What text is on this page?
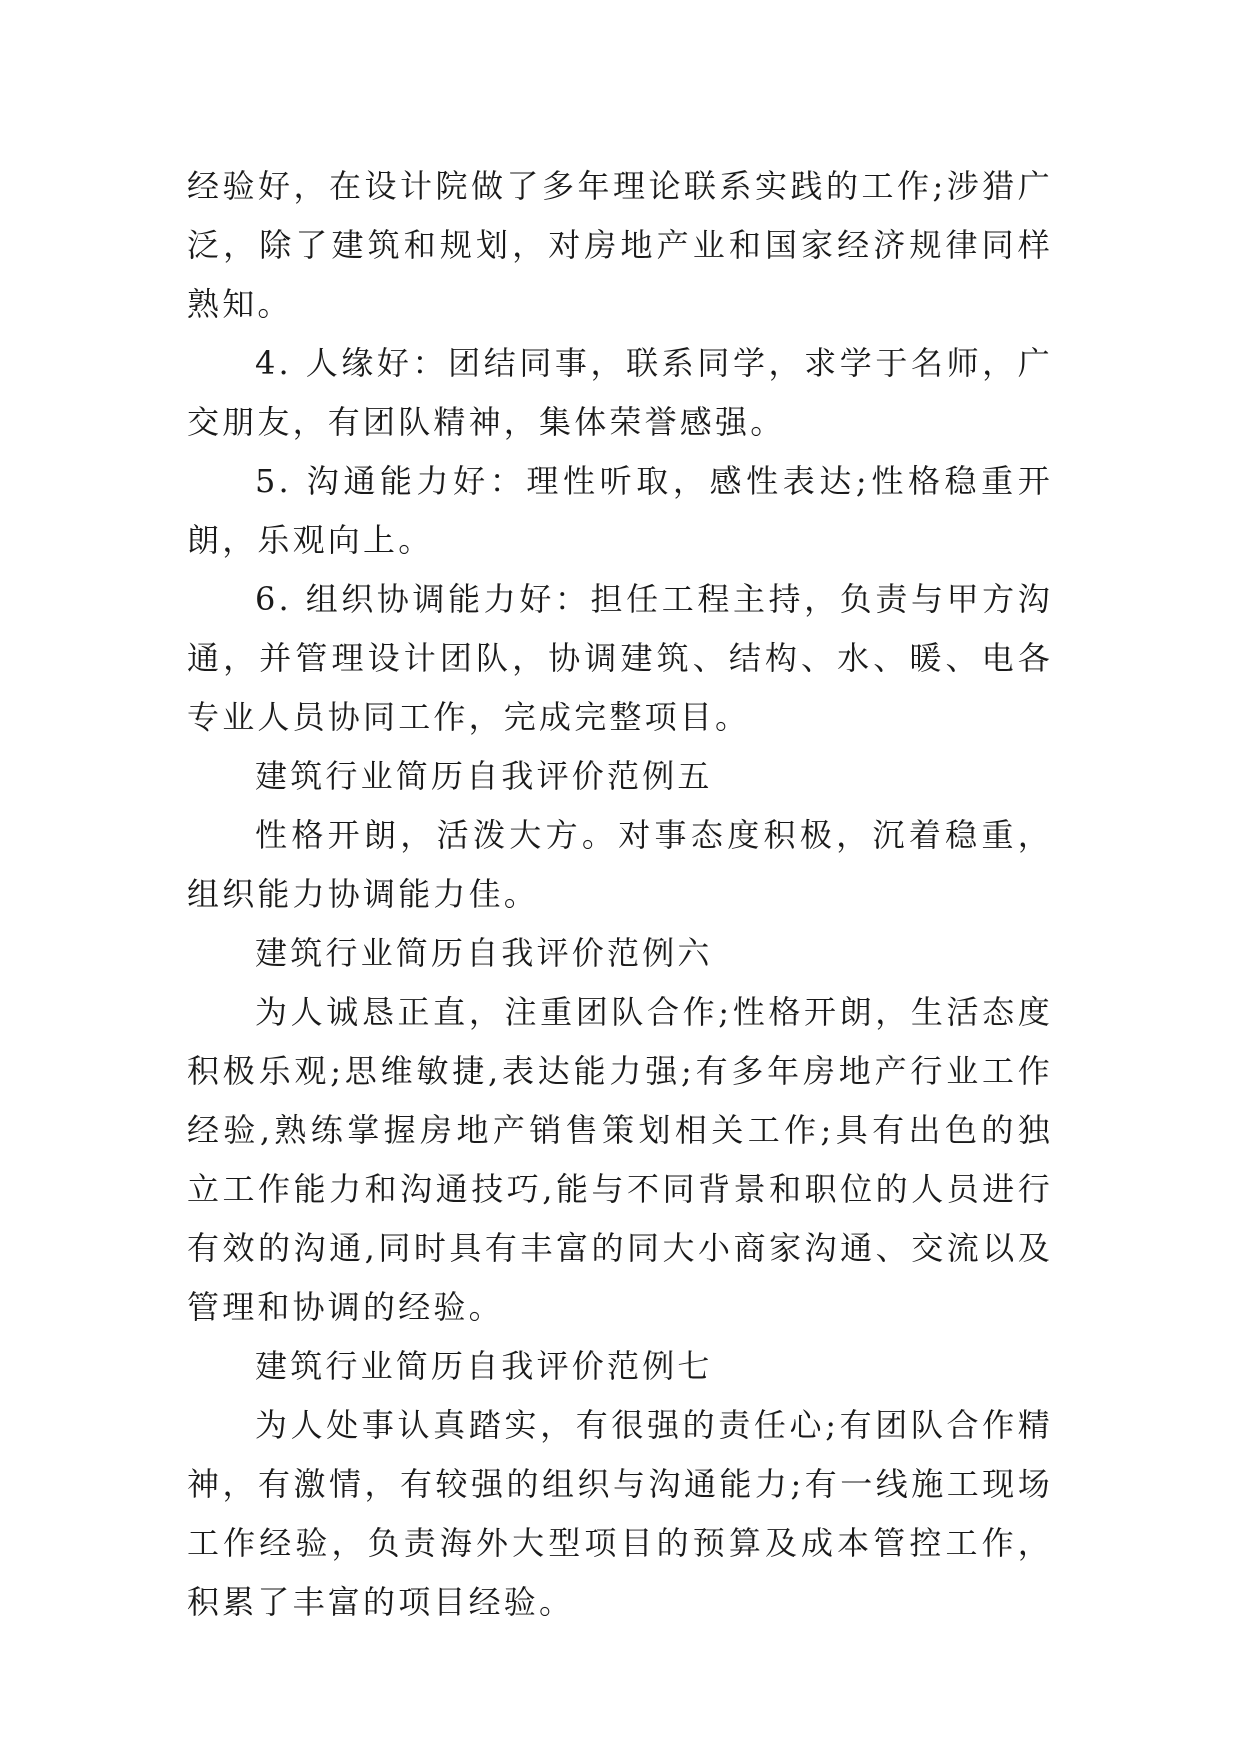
经验好，在设计院做了多年理论联系实践的工作;涉猎广泛，除了建筑和规划，对房地产业和国家经济规律同样熟知。

4. 人缘好：团结同事，联系同学，求学于名师，广交朋友，有团队精神，集体荣誉感强。

5. 沟通能力好：理性听取，感性表达;性格稳重开朗，乐观向上。

6. 组织协调能力好：担任工程主持，负责与甲方沟通，并管理设计团队，协调建筑、结构、水、暖、电各专业人员协同工作，完成完整项目。

建筑行业简历自我评价范例五

性格开朗，活泼大方。对事态度积极，沉着稳重， 组织能力协调能力佳。

建筑行业简历自我评价范例六

为人诚恳正直，注重团队合作;性格开朗，生活态度积极乐观;思维敏捷,表达能力强;有多年房地产行业工作经验,熟练掌握房地产销售策划相关工作;具有出色的独立工作能力和沟通技巧,能与不同背景和职位的人员进行有效的沟通,同时具有丰富的同大小商家沟通、交流以及管理和协调的经验。

建筑行业简历自我评价范例七

为人处事认真踏实，有很强的责任心;有团队合作精神，有激情，有较强的组织与沟通能力;有一线施工现场工作经验，负责海外大型项目的预算及成本管控工作，积累了丰富的项目经验。
